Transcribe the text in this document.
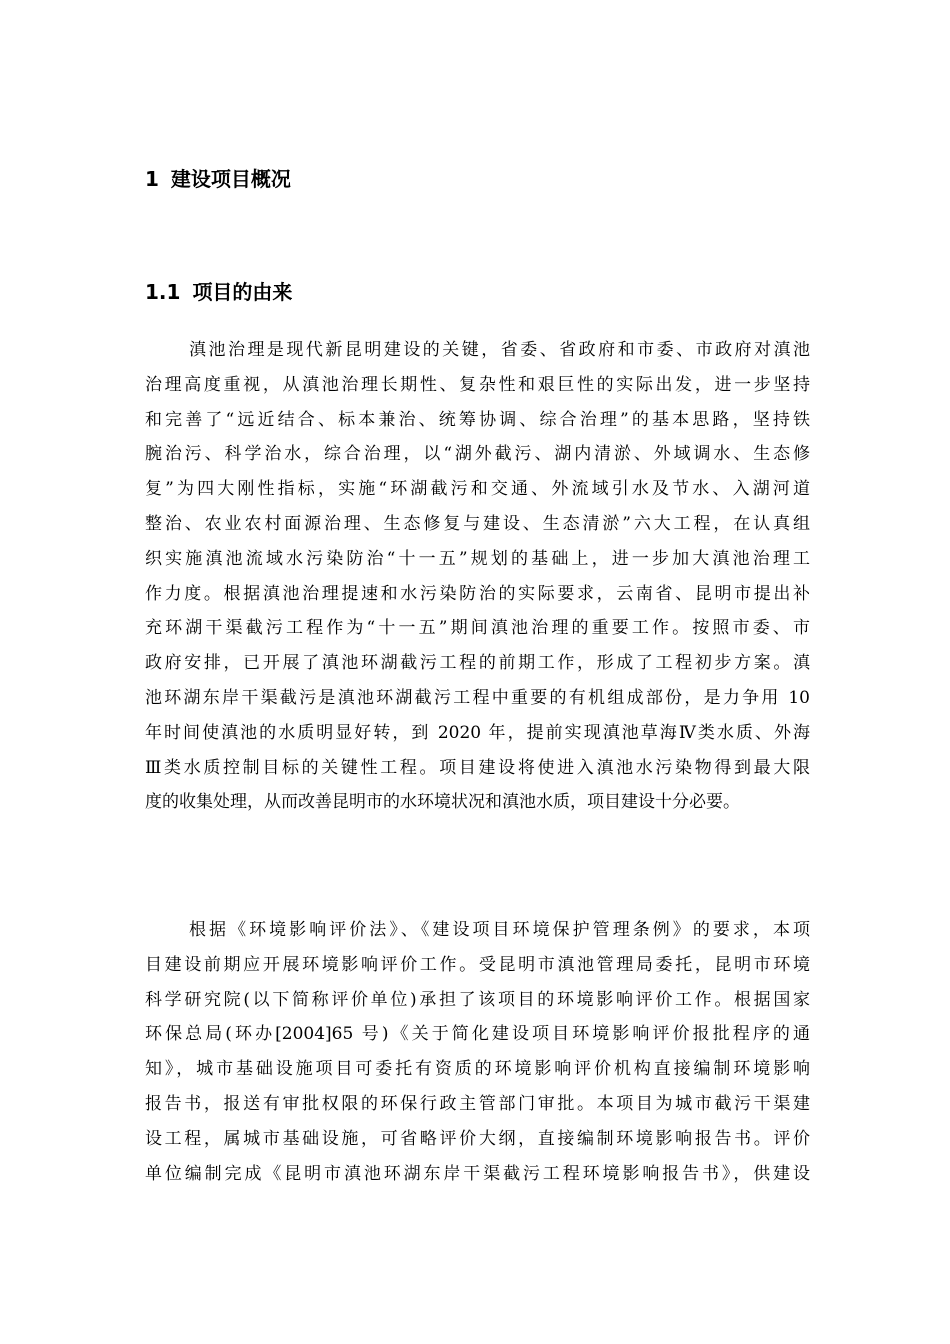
1 建设项目概况
1.1 项目的由来
滇池治理是现代新昆明建设的关键，省委、省政府和市委、市政府对滇池
治理高度重视，从滇池治理长期性、复杂性和艰巨性的实际出发，进一步坚持
和完善了“远近结合、标本兼治、统筹协调、综合治理”的基本思路，坚持铁
腕治污、科学治水，综合治理，以“湖外截污、湖内清淤、外域调水、生态修
复”为四大刚性指标，实施“环湖截污和交通、外流域引水及节水、入湖河道
整治、农业农村面源治理、生态修复与建设、生态清淤”六大工程，在认真组
织实施滇池流域水污染防治“十一五”规划的基础上，进一步加大滇池治理工
作力度。根据滇池治理提速和水污染防治的实际要求，云南省、昆明市提出补
充环湖干渠截污工程作为“十一五”期间滇池治理的重要工作。按照市委、市
政府安排，已开展了滇池环湖截污工程的前期工作，形成了工程初步方案。滇
池环湖东岸干渠截污是滇池环湖截污工程中重要的有机组成部份，是力争用 10
年时间使滇池的水质明显好转，到 2020 年，提前实现滇池草海Ⅳ类水质、外海
Ⅲ类水质控制目标的关键性工程。项目建设将使进入滇池水污染物得到最大限
度的收集处理，从而改善昆明市的水环境状况和滇池水质，项目建设十分必要。
根据《环境影响评价法》、《建设项目环境保护管理条例》的要求，本项
目建设前期应开展环境影响评价工作。受昆明市滇池管理局委托，昆明市环境
科学研究院(以下简称评价单位)承担了该项目的环境影响评价工作。根据国家
环保总局(环办[2004]65 号)《关于简化建设项目环境影响评价报批程序的通
知》，城市基础设施项目可委托有资质的环境影响评价机构直接编制环境影响
报告书，报送有审批权限的环保行政主管部门审批。本项目为城市截污干渠建
设工程，属城市基础设施，可省略评价大纲，直接编制环境影响报告书。评价
单位编制完成《昆明市滇池环湖东岸干渠截污工程环境影响报告书》，供建设
